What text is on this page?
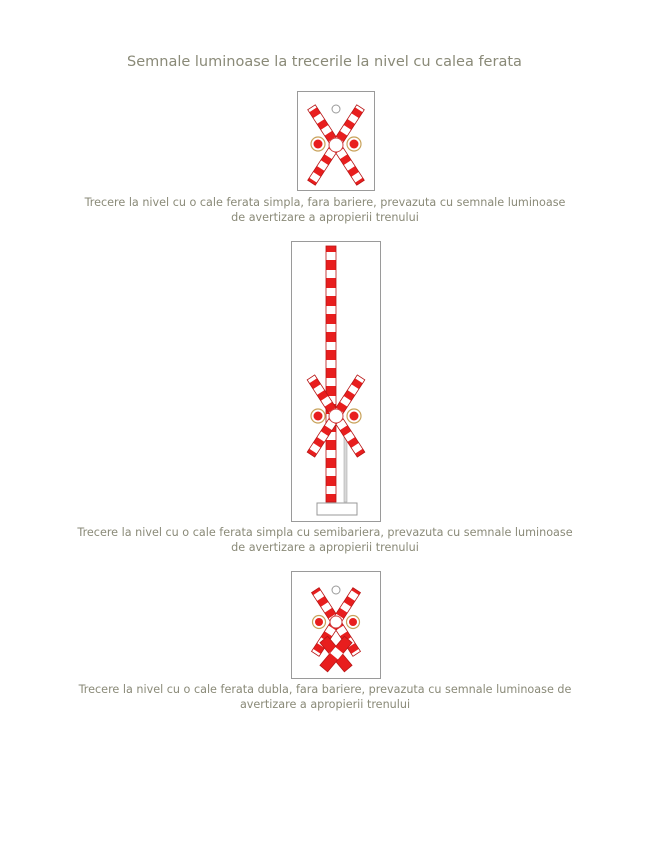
Semnale luminoase la trecerile la nivel cu calea ferata
Trecere la nivel cu o cale ferata simpla, fara bariere, prevazuta cu semnale luminoase
de avertizare a apropierii trenului
Trecere la nivel cu o cale ferata simpla cu semibariera, prevazuta cu semnale luminoase
de avertizare a apropierii trenului
Trecere la nivel cu o cale ferata dubla, fara bariere, prevazuta cu semnale luminoase de
avertizare a apropierii trenului
